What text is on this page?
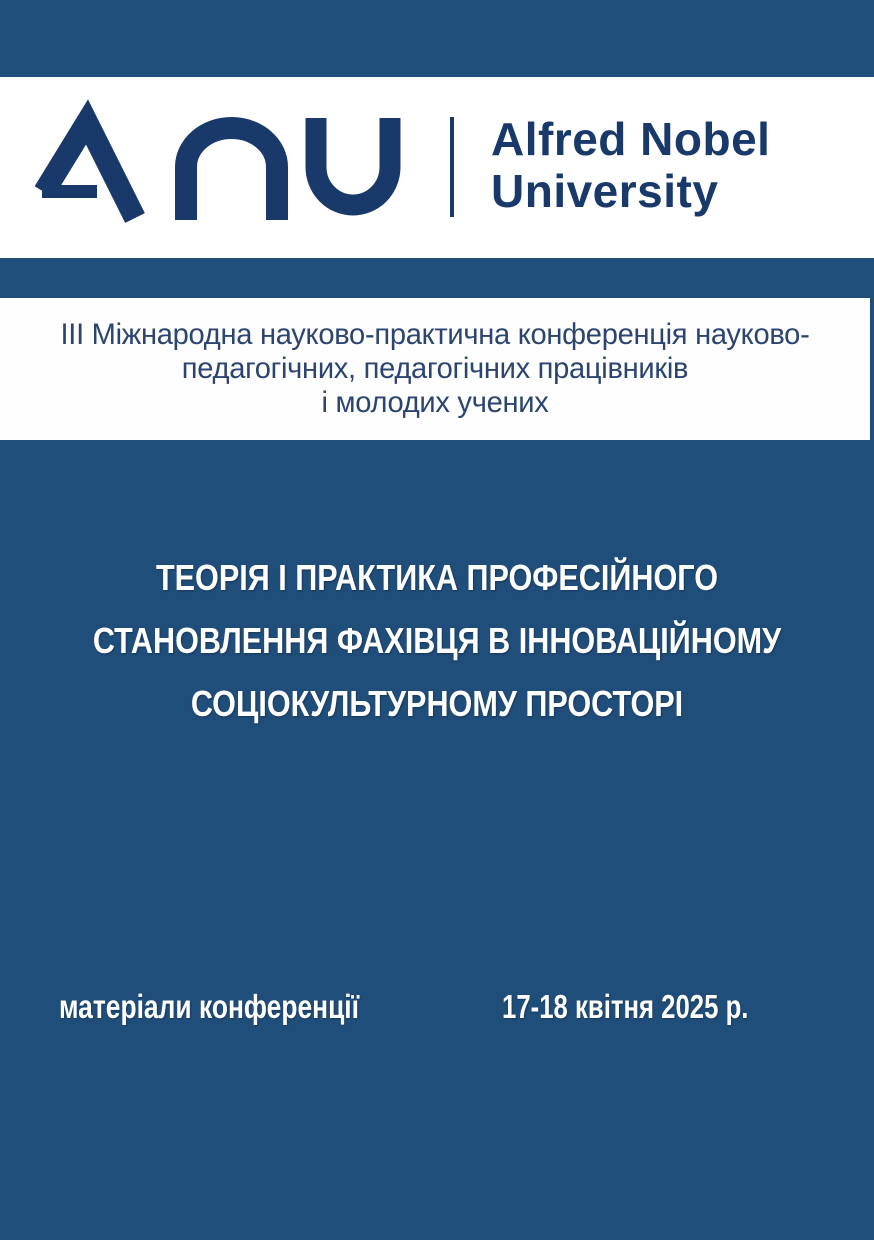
Alfred Nobel
University
ІІІ Міжнародна науково-практична конференція науково-
педагогічних, педагогічних працівників
і молодих учених
ТЕОРІЯ І ПРАКТИКА ПРОФЕСІЙНОГО
СТАНОВЛЕННЯ ФАХІВЦЯ В ІННОВАЦІЙНОМУ
СОЦІОКУЛЬТУРНОМУ ПРОСТОРІ
матеріали конференції	17-18 квітня 2025 р.
